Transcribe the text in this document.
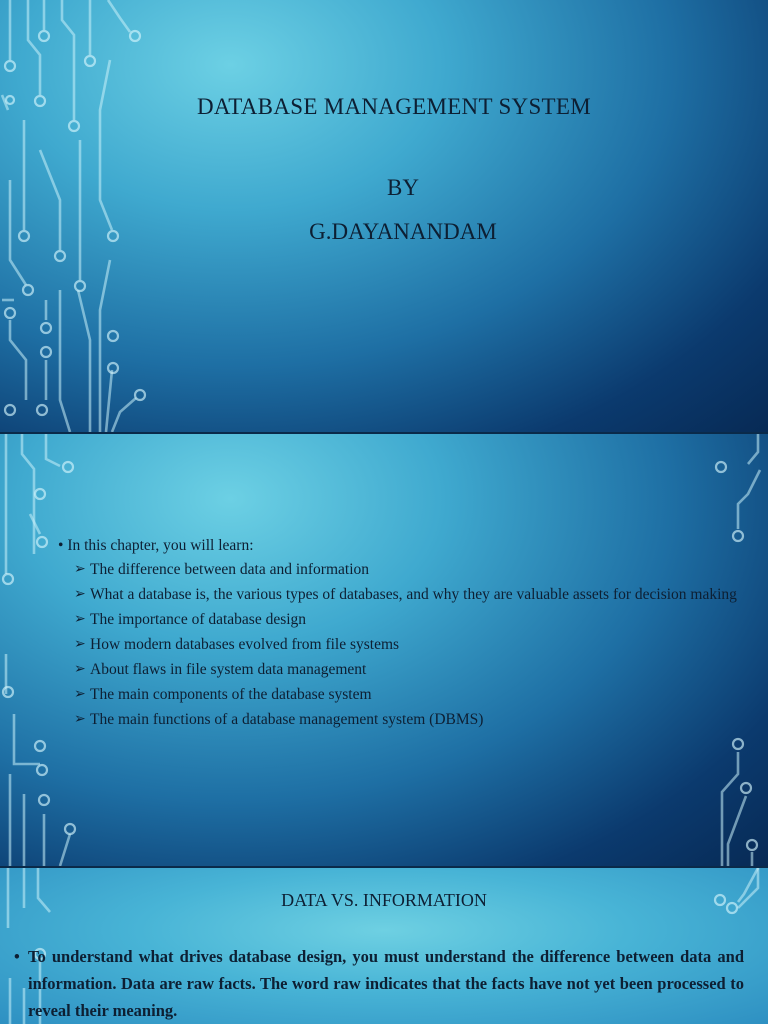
DATABASE MANAGEMENT SYSTEM
BY
G.DAYANANDAM
• In this chapter, you will learn:
➢ The difference between data and information
➢ What a database is, the various types of databases, and why they are valuable assets for decision making
➢ The importance of database design
➢ How modern databases evolved from file systems
➢ About flaws in file system data management
➢ The main components of the database system
➢ The main functions of a database management system (DBMS)
DATA VS. INFORMATION
• To understand what drives database design, you must understand the difference between data and information. Data are raw facts. The word raw indicates that the facts have not yet been processed to reveal their meaning.
